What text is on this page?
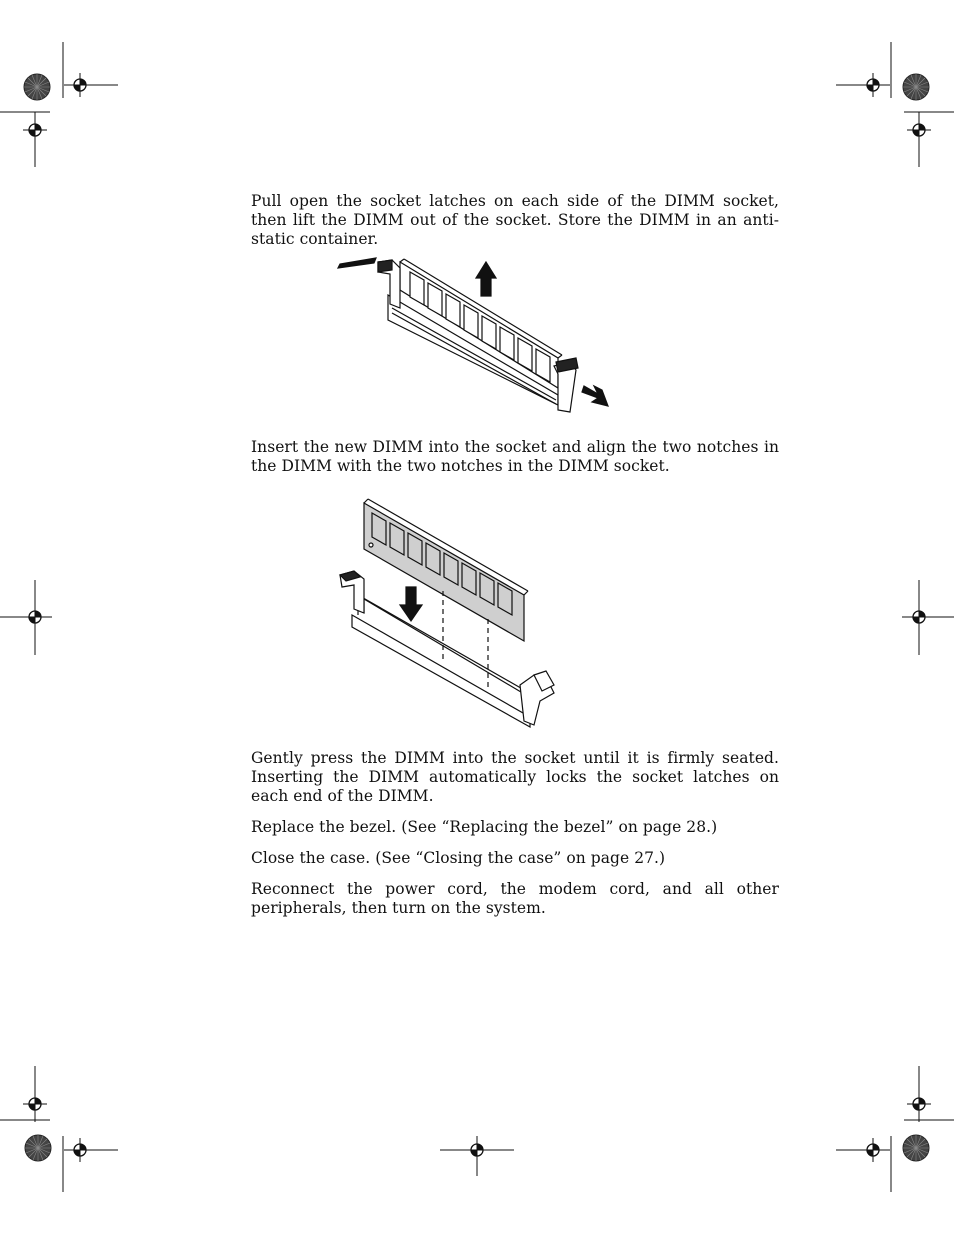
Pull open the socket latches on each side of the DIMM socket, then lift the DIMM out of the socket. Store the DIMM in an anti-static container.

Insert the new DIMM into the socket and align the two notches in the DIMM with the two notches in the DIMM socket.

Gently press the DIMM into the socket until it is firmly seated. Inserting the DIMM automatically locks the socket latches on each end of the DIMM.

Replace the bezel. (See “Replacing the bezel” on page 28.)

Close the case. (See “Closing the case” on page 27.)

Reconnect the power cord, the modem cord, and all other peripherals, then turn on the system.
